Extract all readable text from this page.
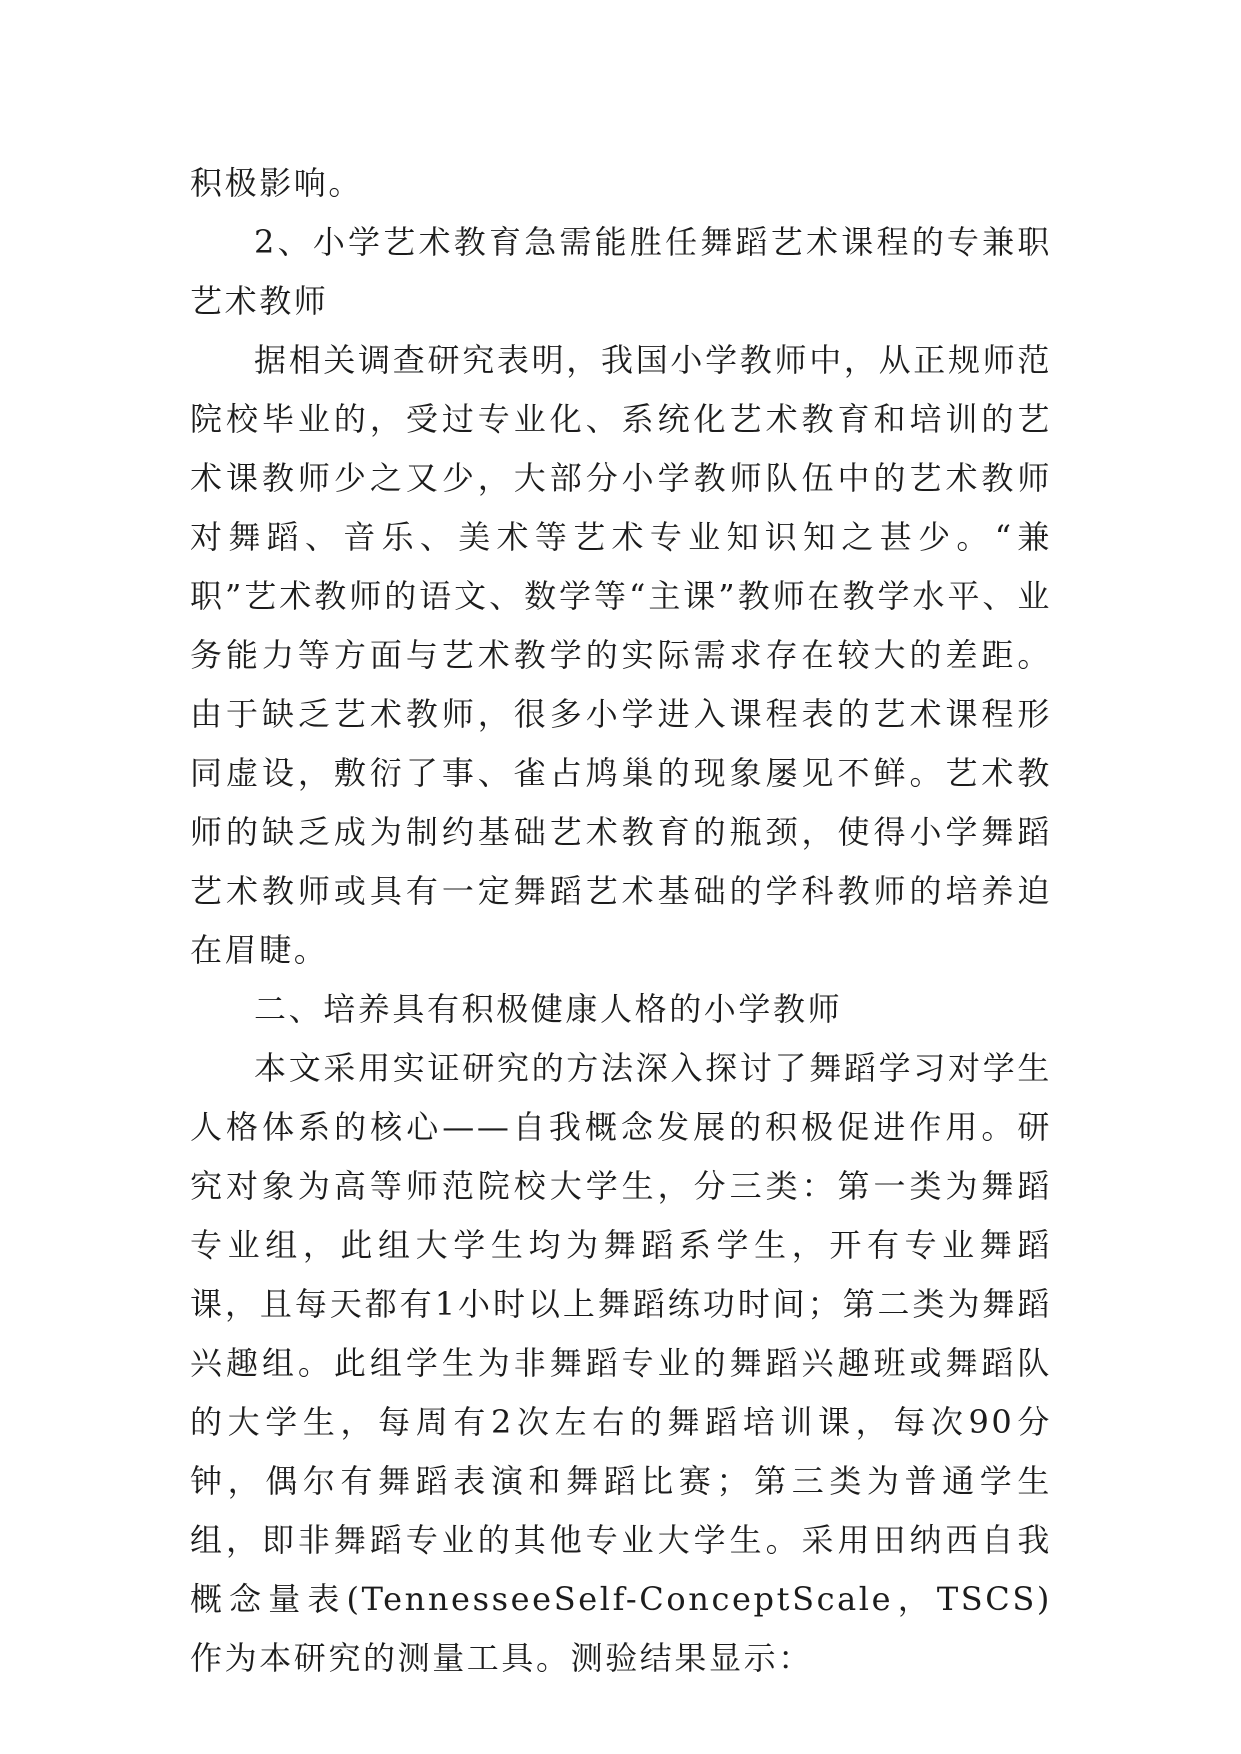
积极影响。

2、小学艺术教育急需能胜任舞蹈艺术课程的专兼职艺术教师

据相关调查研究表明，我国小学教师中，从正规师范院校毕业的，受过专业化、系统化艺术教育和培训的艺术课教师少之又少，大部分小学教师队伍中的艺术教师对舞蹈、音乐、美术等艺术专业知识知之甚少。“兼职”艺术教师的语文、数学等“主课”教师在教学水平、业务能力等方面与艺术教学的实际需求存在较大的差距。由于缺乏艺术教师，很多小学进入课程表的艺术课程形同虚设，敷衍了事、雀占鸠巢的现象屡见不鲜。艺术教师的缺乏成为制约基础艺术教育的瓶颈，使得小学舞蹈艺术教师或具有一定舞蹈艺术基础的学科教师的培养迫在眉睫。

二、培养具有积极健康人格的小学教师

本文采用实证研究的方法深入探讨了舞蹈学习对学生人格体系的核心——自我概念发展的积极促进作用。研究对象为高等师范院校大学生，分三类：第一类为舞蹈专业组，此组大学生均为舞蹈系学生，开有专业舞蹈课，且每天都有1小时以上舞蹈练功时间；第二类为舞蹈兴趣组。此组学生为非舞蹈专业的舞蹈兴趣班或舞蹈队的大学生，每周有2次左右的舞蹈培训课，每次90分钟，偶尔有舞蹈表演和舞蹈比赛；第三类为普通学生组，即非舞蹈专业的其他专业大学生。采用田纳西自我概念量表(TennesseeSelf-ConceptScale，TSCS)作为本研究的测量工具。测验结果显示：
